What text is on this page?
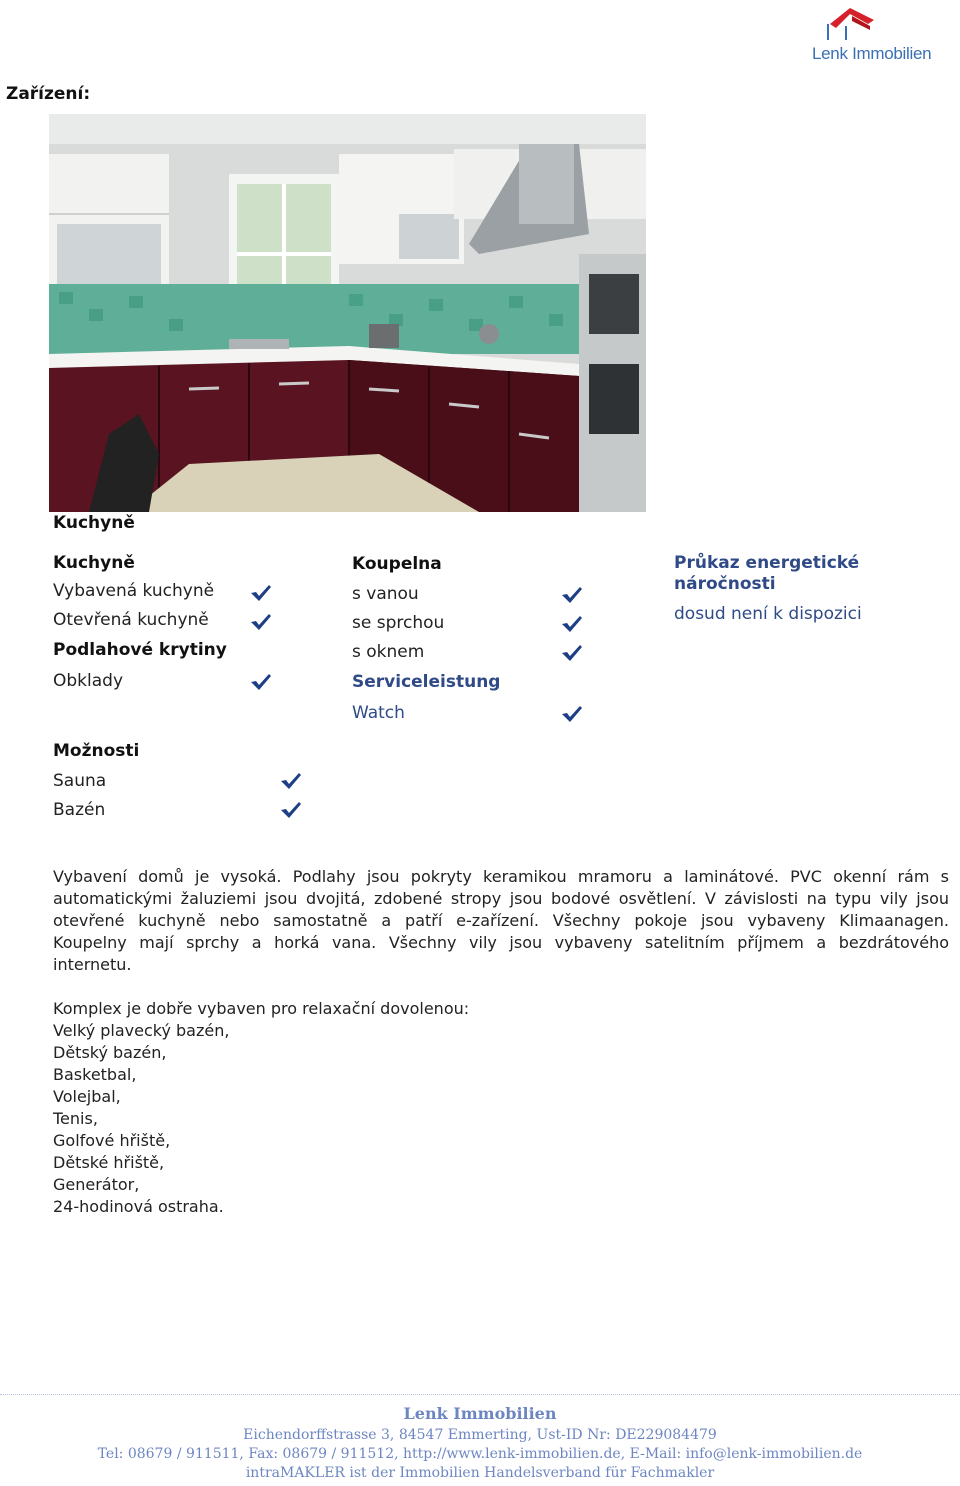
Lenk Immobilien
Zařízení:
Kuchyně
Kuchyně
Vybavená kuchyně
Otevřená kuchyně
Podlahové krytiny
Obklady
Koupelna
s vanou
se sprchou
s oknem
Serviceleistung
Watch
Průkaz energetické
náročnosti
dosud není k dispozici
Možnosti
Sauna
Bazén
Vybavení domů je vysoká. Podlahy jsou pokryty keramikou mramoru a laminátové. PVC okenní rám s
automatickými žaluziemi jsou dvojitá, zdobené stropy jsou bodové osvětlení. V závislosti na typu vily jsou
otevřené kuchyně nebo samostatně a patří e-zařízení. Všechny pokoje jsou vybaveny Klimaanagen.
Koupelny mají sprchy a horká vana. Všechny vily jsou vybaveny satelitním příjmem a bezdrátového
internetu.
Komplex je dobře vybaven pro relaxační dovolenou:
Velký plavecký bazén,
Dětský bazén,
Basketbal,
Volejbal,
Tenis,
Golfové hřiště,
Dětské hřiště,
Generátor,
24-hodinová ostraha.
Lenk Immobilien
Eichendorffstrasse 3, 84547 Emmerting, Ust-ID Nr: DE229084479
Tel: 08679 / 911511, Fax: 08679 / 911512, http://www.lenk-immobilien.de, E-Mail: info@lenk-immobilien.de
intraMAKLER ist der Immobilien Handelsverband für Fachmakler
